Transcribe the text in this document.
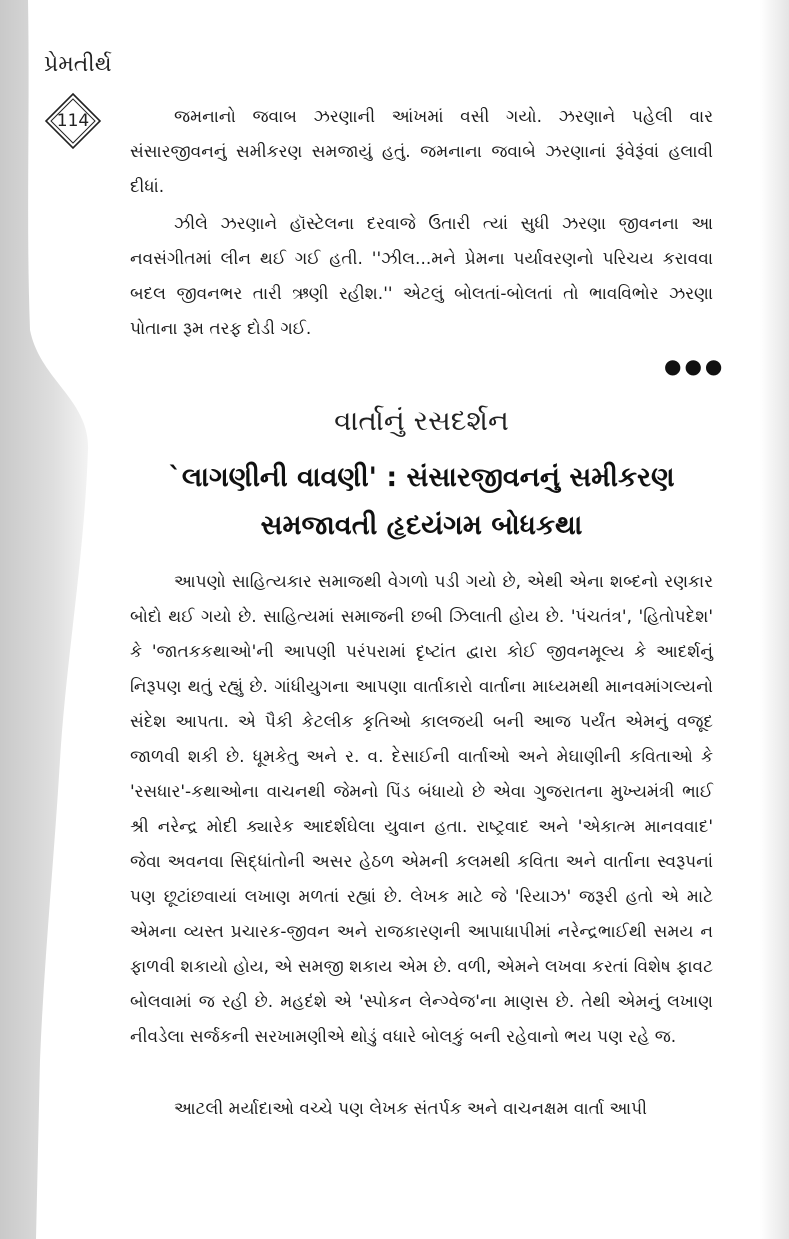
પ્રેમતીર્થ
114	જમનાનો જવાબ ઝરણાની આંખમાં વસી ગયો. ઝરણાને પહેલી વાર સંસારજીવનનું સમીકરણ સમજાયું હતું. જમનાના જવાબે ઝરણાનાં રૂંવેરૂંવાં હલાવી દીધાં.

ઝીલે ઝરણાને હૉસ્ટેલના દરવાજે ઉતારી ત્યાં સુધી ઝરણા જીવનના આ નવસંગીતમાં લીન થઈ ગઈ હતી. ''ઝીલ...મને પ્રેમના પર્યાવરણનો પરિચય કરાવવા બદલ જીવનભર તારી ઋણી રહીશ.'' એટલું બોલતાં-બોલતાં તો ભાવવિભોર ઝરણા પોતાના રૂમ તરફ દોડી ગઈ.

●●●
વાર્તાનું રસદર્શન
`લાગણીની વાવણી' : સંસારજીવનનું સમીકરણ
સમજાવતી હૃદયંગમ બોધકથા

આપણો સાહિત્યકાર સમાજથી વેગળો પડી ગયો છે, એથી એના શબ્દનો રણકાર બોદો થઈ ગયો છે. સાહિત્યમાં સમાજની છબી ઝિલાતી હોય છે. 'પંચતંત્ર', 'હિતોપદેશ' કે 'જાતકકથાઓ'ની આપણી પરંપરામાં દૃષ્ટાંત દ્વારા કોઈ જીવનમૂલ્ય કે આદર્શનું નિરૂપણ થતું રહ્યું છે. ગાંધીયુગના આપણા વાર્તાકારો વાર્તાના માધ્યમથી માનવમાંગલ્યનો સંદેશ આપતા. એ પૈકી કેટલીક કૃતિઓ કાલજયી બની આજ પર્યંત એમનું વજૂદ જાળવી શકી છે. ધૂમકેતુ અને ર. વ. દેસાઈની વાર્તાઓ અને મેઘાણીની કવિતાઓ કે 'રસધાર'-કથાઓના વાચનથી જેમનો પિંડ બંધાયો છે એવા ગુજરાતના મુખ્યમંત્રી ભાઈ શ્રી નરેન્દ્ર મોદી ક્યારેક આદર્શઘેલા યુવાન હતા. રાષ્ટ્રવાદ અને 'એકાત્મ માનવવાદ' જેવા અવનવા સિદ્ધાંતોની અસર હેઠળ એમની કલમથી કવિતા અને વાર્તાના સ્વરૂપનાં પણ છૂટાંછવાયાં લખાણ મળતાં રહ્યાં છે. લેખક માટે જે 'રિયાઝ' જરૂરી હતો એ માટે એમના વ્યસ્ત પ્રચારક-જીવન અને રાજકારણની આપાધાપીમાં નરેન્દ્રભાઈથી સમય ન ફાળવી શકાયો હોય, એ સમજી શકાય એમ છે. વળી, એમને લખવા કરતાં વિશેષ ફાવટ બોલવામાં જ રહી છે. મહદંશે એ 'સ્પોકન લેન્ગ્વેજ'ના માણસ છે. તેથી એમનું લખાણ નીવડેલા સર્જકની સરખામણીએ થોડું વધારે બોલકું બની રહેવાનો ભય પણ રહે જ.

આટલી મર્યાદાઓ વચ્ચે પણ લેખક સંતર્પક અને વાચનક્ષમ વાર્તા આપી
